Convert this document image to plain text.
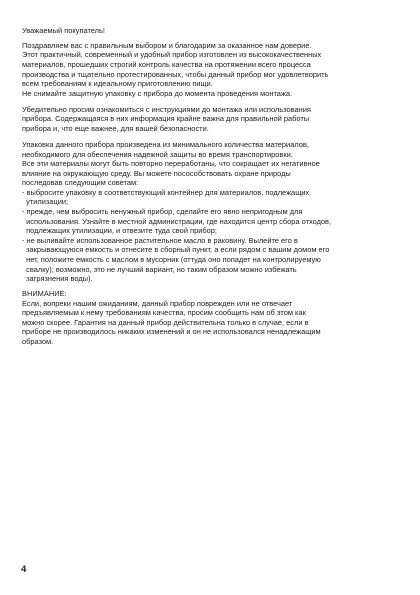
Уважаемый покупатель!
Поздравляем вас с правильным выбором и благодарим за оказанное нам доверие.
Этот практичный, современный и удобный прибор изготовлен из высококачественных
материалов, прошедших строгий контроль качества на протяжении всего процесса
производства и тщательно протестированных, чтобы данный прибор мог удовлетворить
всем требованиям к идеальному приготовлению пищи.
Не снимайте защитную упаковку с прибора до момента проведения монтажа.
Убедительно просим ознакомиться с инструкциями до монтажа или использования
прибора. Содержащаяся в них информация крайне важна для правильной работы
прибора и, что еще важнее, для вашей безопасности.
Упаковка данного прибора произведена из минимального количества материалов,
необходимого для обеспечения надежной защиты во время транспортировки.
Все эти материалы могут быть повторно переработаны, что сокращает их негативное
влияние на окружающую среду. Вы можете посособствовать охране природы
последовав следующим советам:
- выбросите упаковку в соответствующий контейнер для материалов, подлежащих
утилизации;
- прежде, чем выбросить ненужный прибор, сделайте его явно непригодным для
использования. Узнайте в местной администрации, где находится центр сбора отходов,
подлежащих утилизации, и отвезите туда свой прибор;
- не выливайте использованное растительное масло в раковину. Вылейте его в
закрывающуюся емкость и отнесите в сборный пункт, а если рядом с вашим домом его
нет, положите емкость с маслом в мусорник (оттуда оно попадет на контролируемую
свалку); возможно, это не лучший вариант, но таким образом можно избежать
загрязнения воды).
ВНИМАНИЕ:
Если, вопреки нашим ожиданиям, данный прибор поврежден или не отвечает
предъявляемым к нему требованиям качества, просим сообщить нам об этом как
можно скорее. Гарантия на данный прибор действительна только в случае, если в
приборе не производилось никаких изменений и он не использовался ненадлежащим
образом.
4
